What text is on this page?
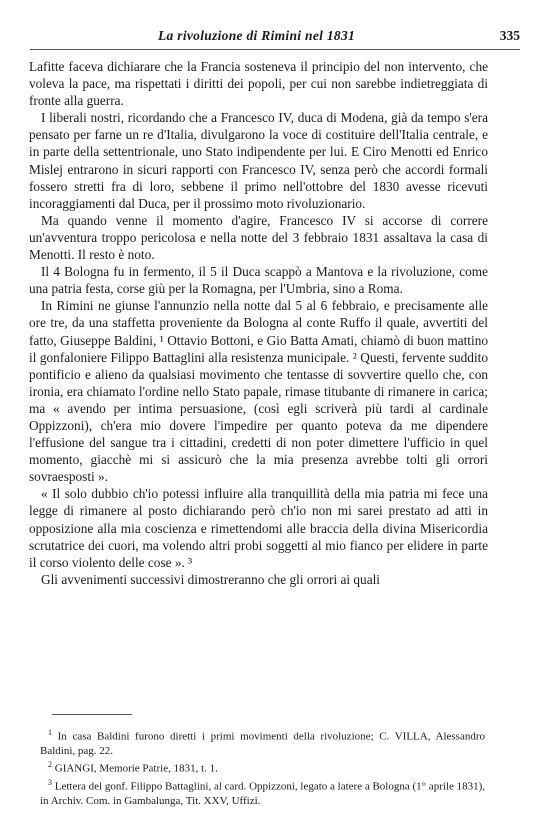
La rivoluzione di Rimini nel 1831	335

Lafitte faceva dichiarare che la Francia sosteneva il principio del non intervento, che voleva la pace, ma rispettati i diritti dei popoli, per cui non sarebbe indietreggiata di fronte alla guerra.

I liberali nostri, ricordando che a Francesco IV, duca di Modena, già da tempo s'era pensato per farne un re d'Italia, divulgarono la voce di costituire dell'Italia centrale, e in parte della settentrionale, uno Stato indipendente per lui. E Ciro Menotti ed Enrico Mislej entrarono in sicuri rapporti con Francesco IV, senza però che accordi formali fossero stretti fra di loro, sebbene il primo nell'ottobre del 1830 avesse ricevuti incoraggiamenti dal Duca, per il prossimo moto rivoluzionario.

Ma quando venne il momento d'agire, Francesco IV si accorse di correre un'avventura troppo pericolosa e nella notte del 3 febbraio 1831 assaltava la casa di Menotti. Il resto è noto.

Il 4 Bologna fu in fermento, il 5 il Duca scappò a Mantova e la rivoluzione, come una patria festa, corse giù per la Romagna, per l'Umbria, sino a Roma.

In Rimini ne giunse l'annunzio nella notte dal 5 al 6 febbraio, e precisamente alle ore tre, da una staffetta proveniente da Bologna al conte Ruffo il quale, avvertiti del fatto, Giuseppe Baldini, ¹ Ottavio Bottoni, e Gio Batta Amati, chiamò di buon mattino il gonfaloniere Filippo Battaglini alla resistenza municipale. ² Questi, fervente suddito pontificio e alieno da qualsiasi movimento che tentasse di sovvertire quello che, con ironia, era chiamato l'ordine nello Stato papale, rimase titubante di rimanere in carica; ma « avendo per intima persuasione, (così egli scriverà più tardi al cardinale Oppizzoni), ch'era mio dovere l'impedire per quanto poteva da me dipendere l'effusione del sangue tra i cittadini, credetti di non poter dimettere l'ufficio in quel momento, giacchè mi si assicurò che la mia presenza avrebbe tolti gli orrori sovraesposti ».

« Il solo dubbio ch'io potessi influire alla tranquillità della mia patria mi fece una legge di rimanere al posto dichiarando però ch'io non mi sarei prestato ad atti in opposizione alla mia coscienza e rimettendomi alle braccia della divina Misericordia scrutatrice dei cuori, ma volendo altri probi soggetti al mio fianco per elidere in parte il corso violento delle cose ». ³

Gli avvenimenti successivi dimostreranno che gli orrori ai quali

$^1$ In casa Baldini furono diretti i primi movimenti della rivoluzione; C. VILLA, Alessandro Baldini, pag. 22.

$^2$ GIANGI, Memorie Patrie, 1831, t. 1.

$^3$ Lettera del gonf. Filippo Battaglini, al card. Oppizzoni, legato a latere a Bologna (1° aprile 1831), in Archiv. Com. in Gambalunga, Tit. XXV, Uffizi.
